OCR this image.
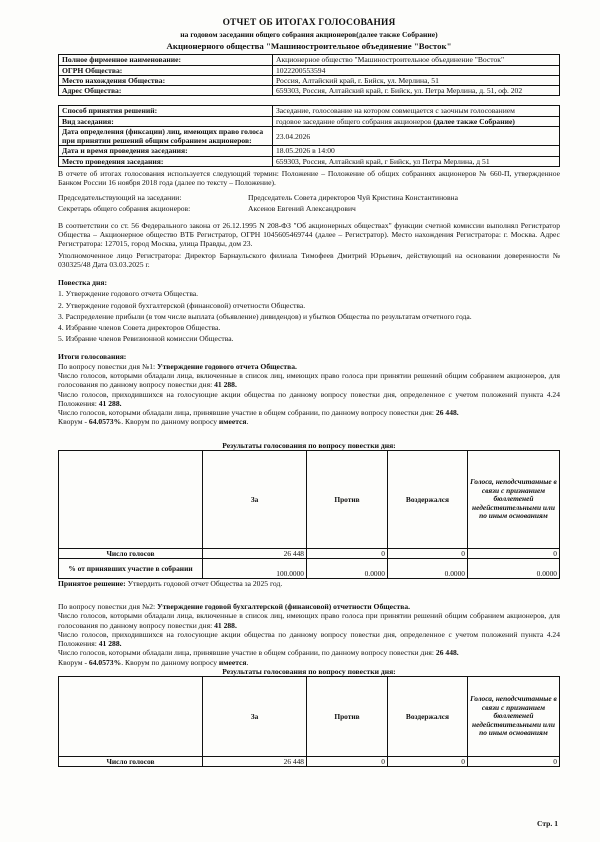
ОТЧЕТ ОБ ИТОГАХ ГОЛОСОВАНИЯ
на годовом заседании общего собрания акционеров(далее также Собрание)
Акционерного общества "Машиностроительное объединение "Восток"
Полное фирменное наименование:	Акционерное общество "Машиностроительное объединение "Восток"
ОГРН Общества:	1022200553594
Место нахождения Общества:	Россия, Алтайский край, г. Бийск, ул. Мерлина, 51
Адрес Общества:	659303, Россия, Алтайский край, г. Бийск, ул. Петра Мерлина, д. 51, оф. 202
Способ принятия решений:	Заседание, голосование на котором совмещается с заочным голосованием
Вид заседания:	годовое заседание общего собрания акционеров (далее также Собрание)
Дата определения (фиксации) лиц, имеющих право голоса при принятии решений общим собранием акционеров:	23.04.2026
Дата и время проведения заседания:	18.05.2026 в 14:00
Место проведения заседания:	659303, Россия, Алтайский край, г Бийск, ул Петра Мерлина, д 51
В отчете об итогах голосования используется следующий термин: Положение – Положение об общих собраниях акционеров № 660-П, утвержденное Банком России 16 ноября 2018 года (далее по тексту – Положение).
Председательствующий на заседании:	Председатель Совета директоров Чуй Кристина Константиновна
Секретарь общего собрания акционеров:	Аксенов Евгений Александрович
В соответствии со ст. 56 Федерального закона от 26.12.1995 N 208-ФЗ "Об акционерных обществах" функции счетной комиссии выполнял Регистратор Общества – Акционерное общество ВТБ Регистратор, ОГРН 1045605469744 (далее – Регистратор). Место нахождения Регистратора: г. Москва. Адрес Регистратора: 127015, город Москва, улица Правды, дом 23.
Уполномоченное лицо Регистратора: Директор Барнаульского филиала Тимофеев Дмитрий Юрьевич, действующий на основании доверенности № 030325/48 Дата 03.03.2025 г.
Повестка дня:
1. Утверждение годового отчета Общества.
2. Утверждение годовой бухгалтерской (финансовой) отчетности Общества.
3. Распределение прибыли (в том числе выплата (объявление) дивидендов) и убытков Общества по результатам отчетного года.
4. Избрание членов Совета директоров Общества.
5. Избрание членов Ревизионной комиссии Общества.
Итоги голосования:
По вопросу повестки дня №1: Утверждение годового отчета Общества.
Число голосов, которыми обладали лица, включенные в список лиц, имеющих право голоса при принятии решений общим собранием акционеров, для голосования по данному вопросу повестки дня: 41 288.
Число голосов, приходившихся на голосующие акции общества по данному вопросу повестки дня, определенное с учетом положений пункта 4.24 Положения: 41 288.
Число голосов, которыми обладали лица, принявшие участие в общем собрании, по данному вопросу повестки дня: 26 448.
Кворум - 64.0573%. Кворум по данному вопросу имеется.
Результаты голосования по вопросу повестки дня:
	За	Против	Воздержался	Голоса, неподсчитанные в связи с признанием бюллетеней недействительными или по иным основаниям
Число голосов	26 448	0	0	0
% от принявших участие в собрании	100.0000	0.0000	0.0000	0.0000
Принятое решение: Утвердить годовой отчет Общества за 2025 год.
По вопросу повестки дня №2: Утверждение годовой бухгалтерской (финансовой) отчетности Общества.
Число голосов, которыми обладали лица, включенные в список лиц, имеющих право голоса при принятии решений общим собранием акционеров, для голосования по данному вопросу повестки дня: 41 288.
Число голосов, приходившихся на голосующие акции общества по данному вопросу повестки дня, определенное с учетом положений пункта 4.24 Положения: 41 288.
Число голосов, которыми обладали лица, принявшие участие в общем собрании, по данному вопросу повестки дня: 26 448.
Кворум - 64.0573%. Кворум по данному вопросу имеется.
Результаты голосования по вопросу повестки дня:
	За	Против	Воздержался	Голоса, неподсчитанные в связи с признанием бюллетеней недействительными или по иным основаниям
Число голосов	26 448	0	0	0
Стр. 1
